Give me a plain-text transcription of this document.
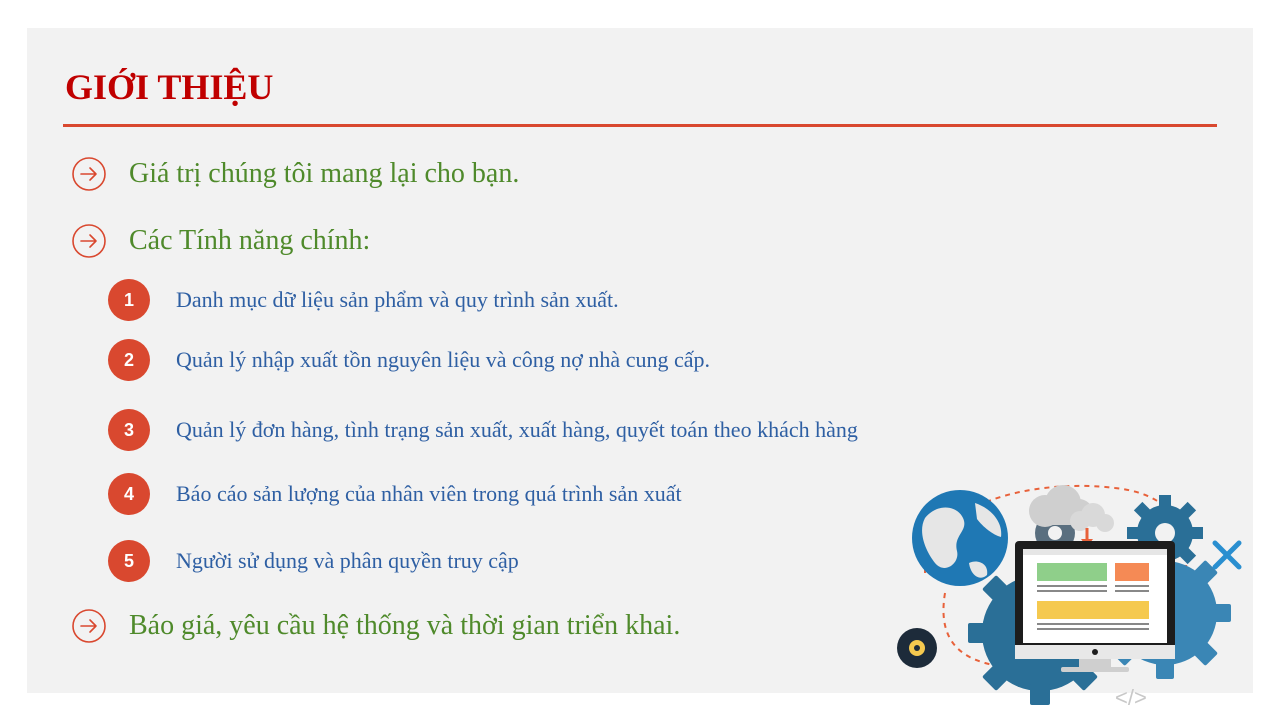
GIỚI THIỆU
Giá trị chúng tôi mang lại cho bạn.
Các Tính năng chính:
1	Danh mục dữ liệu sản phẩm và quy trình sản xuất.
2	Quản lý nhập xuất tồn nguyên liệu và công nợ nhà cung cấp.
3	Quản lý đơn hàng, tình trạng sản xuất, xuất hàng, quyết toán theo khách hàng
4	Báo cáo sản lượng của nhân viên trong quá trình sản xuất
5	Người sử dụng và phân quyền truy cập
Báo giá, yêu cầu hệ thống và thời gian triển khai.
</>
